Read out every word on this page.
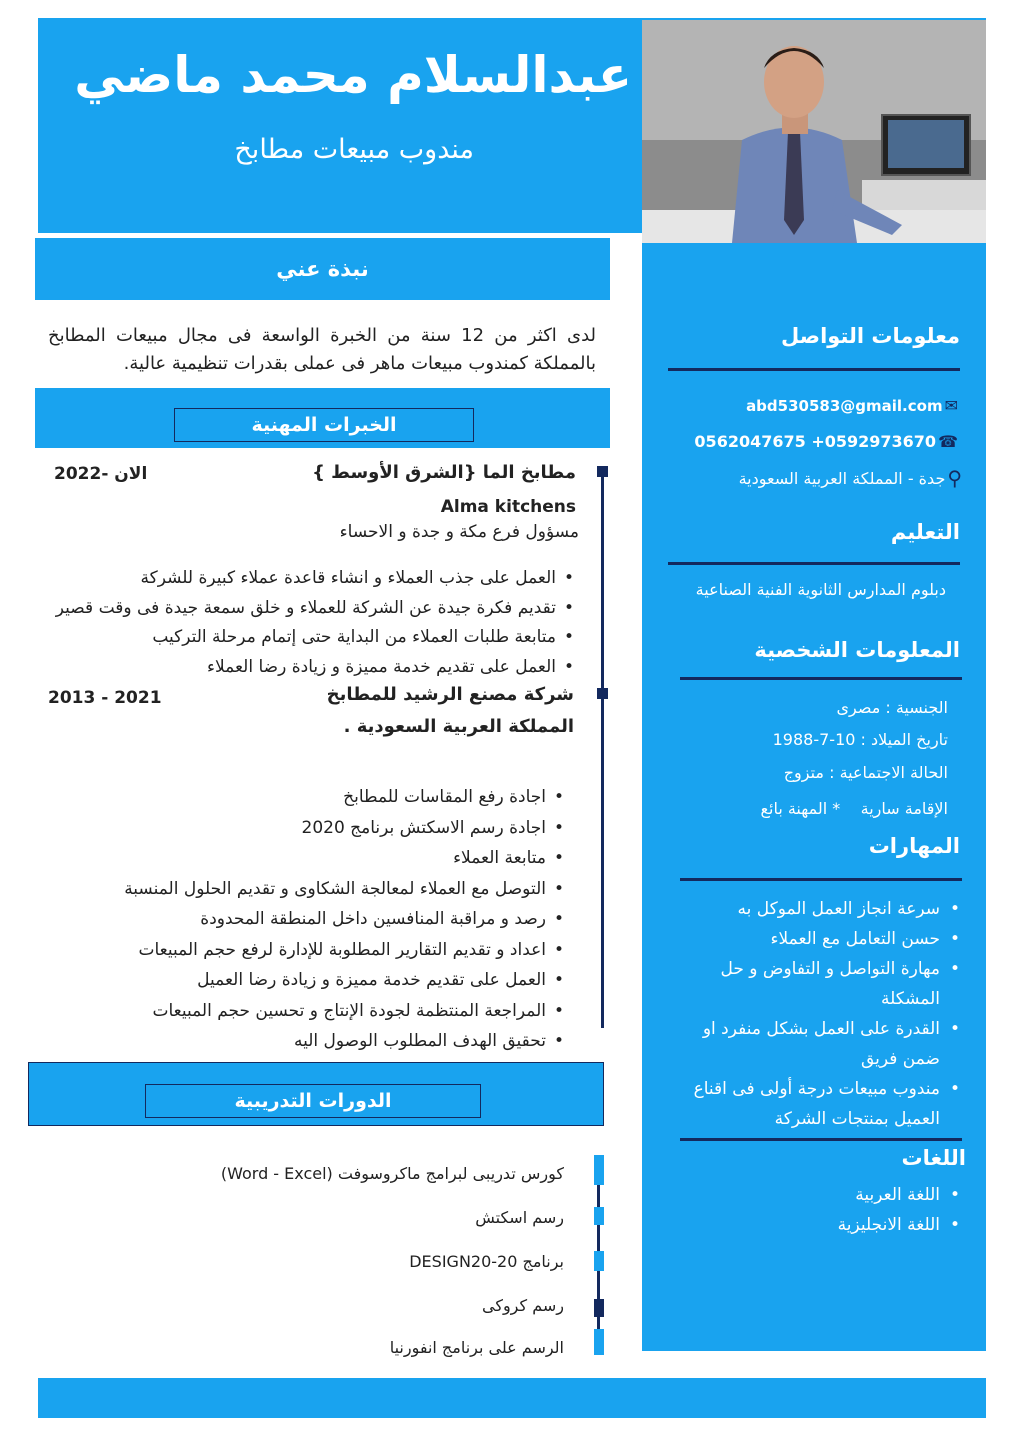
عبدالسلام محمد ماضي
مندوب مبيعات مطابخ
معلومات التواصل
✉
abd530583@gmail.com
☎
0592973670+ 0562047675
⚲
جدة - المملكة العربية السعودية
التعليم
دبلوم المدارس الثانوية الفنية الصناعية
المعلومات الشخصية
الجنسية : مصرى
تاريخ الميلاد : 10-7-1988
الحالة الاجتماعية : متزوج
الإقامة سارية    * المهنة بائع
المهارات
• سرعة انجاز العمل الموكل به
• حسن التعامل مع العملاء
• مهارة التواصل و التفاوض و حل المشكلة
• القدرة على العمل بشكل منفرد او ضمن فريق
• مندوب مبيعات درجة أولى فى اقناع العميل بمنتجات الشركة
اللغات
• اللغة العربية
• اللغة الانجليزية
نبذة عني
لدى اكثر من 12 سنة من الخبرة الواسعة فى مجال مبيعات المطابخ بالمملكة كمندوب مبيعات ماهر فى عملى بقدرات تنظيمية عالية.
الخبرات المهنية
مطابخ الما {الشرق الأوسط }
2022- الان
Alma kitchens
مسؤول فرع مكة و جدة و الاحساء
• العمل على جذب العملاء و انشاء قاعدة عملاء كبيرة للشركة
• تقديم فكرة جيدة عن الشركة للعملاء و خلق سمعة جيدة فى وقت قصير
• متابعة طلبات العملاء من البداية حتى إتمام مرحلة التركيب
• العمل على تقديم خدمة مميزة و زيادة رضا العملاء
شركة مصنع الرشيد للمطابخ
2013 - 2021
المملكة العربية السعودية .
• اجادة رفع المقاسات للمطابخ
• اجادة رسم الاسكتش برنامج 2020
• متابعة العملاء
• التوصل مع العملاء لمعالجة الشكاوى و تقديم الحلول المنسبة
• رصد و مراقبة المنافسين داخل المنطقة المحدودة
• اعداد و تقديم التقارير المطلوبة للإدارة لرفع حجم المبيعات
• العمل على تقديم خدمة مميزة و زيادة رضا العميل
• المراجعة المنتظمة لجودة الإنتاج و تحسين حجم المبيعات
• تحقيق الهدف المطلوب الوصول اليه
الدورات التدريبية
كورس تدريبى لبرامج ماكروسوفت (Word - Excel)
رسم اسكتش
برنامج DESIGN20-20
رسم كروكى
الرسم على برنامج انفورنيا
